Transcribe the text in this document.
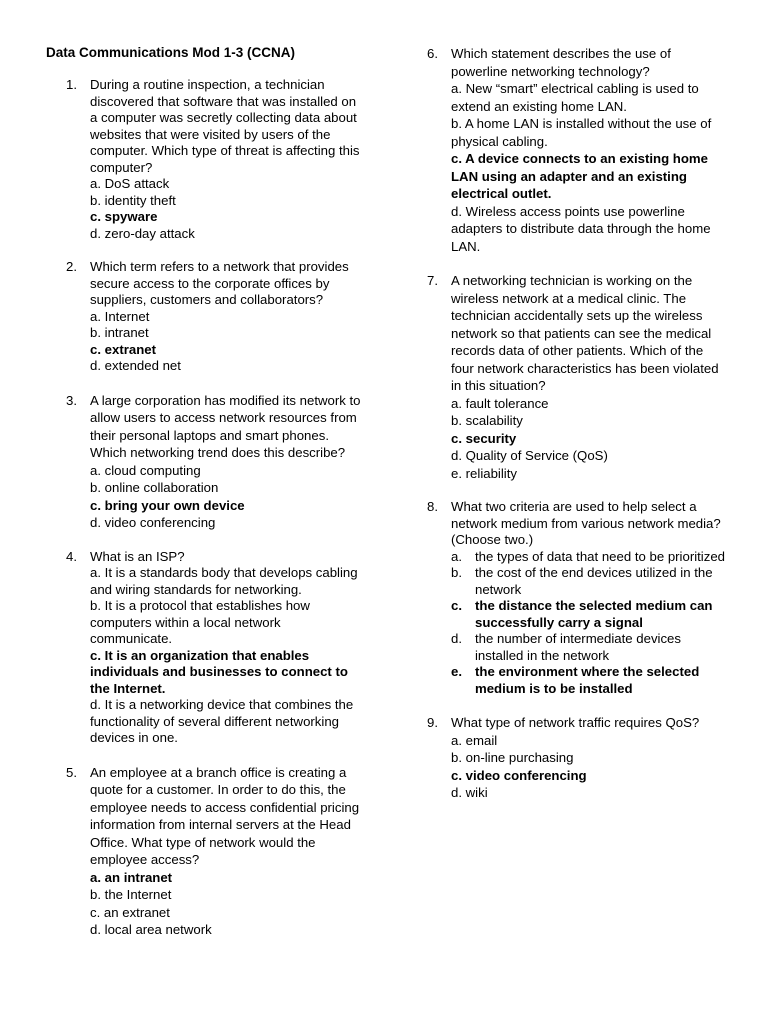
Data Communications Mod 1-3 (CCNA)
1. During a routine inspection, a technician discovered that software that was installed on a computer was secretly collecting data about websites that were visited by users of the computer. Which type of threat is affecting this computer?
a. DoS attack
b. identity theft
c. spyware
d. zero-day attack
2. Which term refers to a network that provides secure access to the corporate offices by suppliers, customers and collaborators?
a. Internet
b. intranet
c. extranet
d. extended net
3. A large corporation has modified its network to allow users to access network resources from their personal laptops and smart phones. Which networking trend does this describe?
a. cloud computing
b. online collaboration
c. bring your own device
d. video conferencing
4. What is an ISP?
a. It is a standards body that develops cabling and wiring standards for networking.
b. It is a protocol that establishes how computers within a local network communicate.
c. It is an organization that enables individuals and businesses to connect to the Internet.
d. It is a networking device that combines the functionality of several different networking devices in one.
5. An employee at a branch office is creating a quote for a customer. In order to do this, the employee needs to access confidential pricing information from internal servers at the Head Office. What type of network would the employee access?
a. an intranet
b. the Internet
c. an extranet
d. local area network
6. Which statement describes the use of powerline networking technology?
a. New “smart” electrical cabling is used to extend an existing home LAN.
b. A home LAN is installed without the use of physical cabling.
c. A device connects to an existing home LAN using an adapter and an existing electrical outlet.
d. Wireless access points use powerline adapters to distribute data through the home LAN.
7. A networking technician is working on the wireless network at a medical clinic. The technician accidentally sets up the wireless network so that patients can see the medical records data of other patients. Which of the four network characteristics has been violated in this situation?
a. fault tolerance
b. scalability
c. security
d. Quality of Service (QoS)
e. reliability
8. What two criteria are used to help select a network medium from various network media? (Choose two.)
a. the types of data that need to be prioritized
b. the cost of the end devices utilized in the network
c. the distance the selected medium can successfully carry a signal
d. the number of intermediate devices installed in the network
e. the environment where the selected medium is to be installed
9. What type of network traffic requires QoS?
a. email
b. on-line purchasing
c. video conferencing
d. wiki
